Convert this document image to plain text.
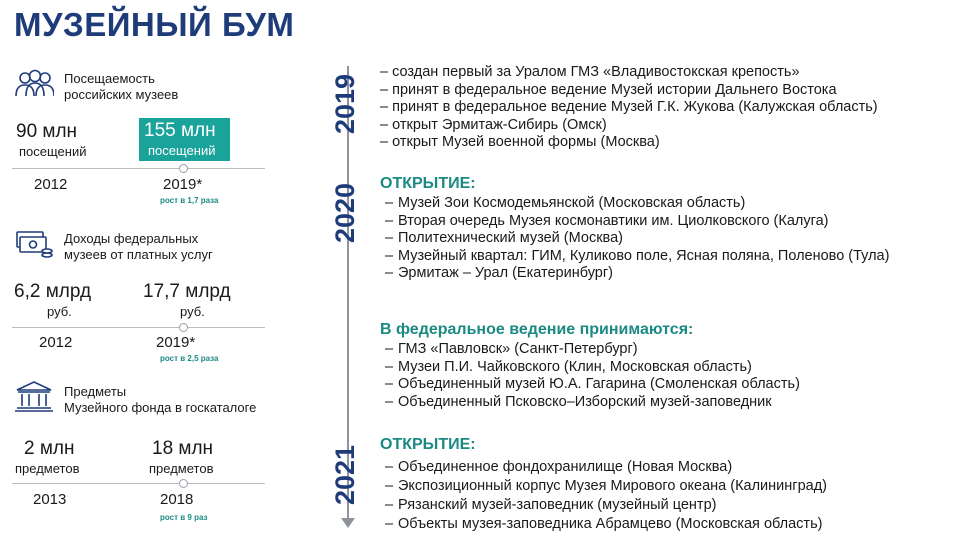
МУЗЕЙНЫЙ БУМ
Посещаемость
российских музеев
90 млн
посещений
155 млн
посещений
2012	2019*
рост в 1,7 раза
Доходы федеральных
музеев от платных услуг
6,2 млрд
руб.
17,7 млрд
руб.
2012	2019*
рост в 2,5 раза
Предметы
Музейного фонда в госкаталоге
2 млн
предметов
18 млн
предметов
2013	2018
рост в 9 раз
2019
2020
2021
– создан первый за Уралом ГМЗ «Владивостокская крепость»
– принят в федеральное ведение Музей истории Дальнего Востока
– принят в федеральное ведение Музей Г.К. Жукова (Калужская область)
– открыт Эрмитаж-Сибирь (Омск)
– открыт Музей военной формы (Москва)
ОТКРЫТИЕ:
– Музей Зои Космодемьянской (Московская область)
– Вторая очередь Музея космонавтики им. Циолковского (Калуга)
– Политехнический музей (Москва)
– Музейный квартал: ГИМ, Куликово поле, Ясная поляна, Поленово (Тула)
– Эрмитаж – Урал (Екатеринбург)
В федеральное ведение принимаются:
– ГМЗ «Павловск» (Санкт-Петербург)
– Музеи П.И. Чайковского (Клин, Московская область)
– Объединенный музей Ю.А. Гагарина (Смоленская область)
– Объединенный Псковско–Изборский музей-заповедник
ОТКРЫТИЕ:
– Объединенное фондохранилище (Новая Москва)
– Экспозиционный корпус Музея Мирового океана (Калининград)
– Рязанский музей-заповедник (музейный центр)
– Объекты музея-заповедника Абрамцево (Московская область)
